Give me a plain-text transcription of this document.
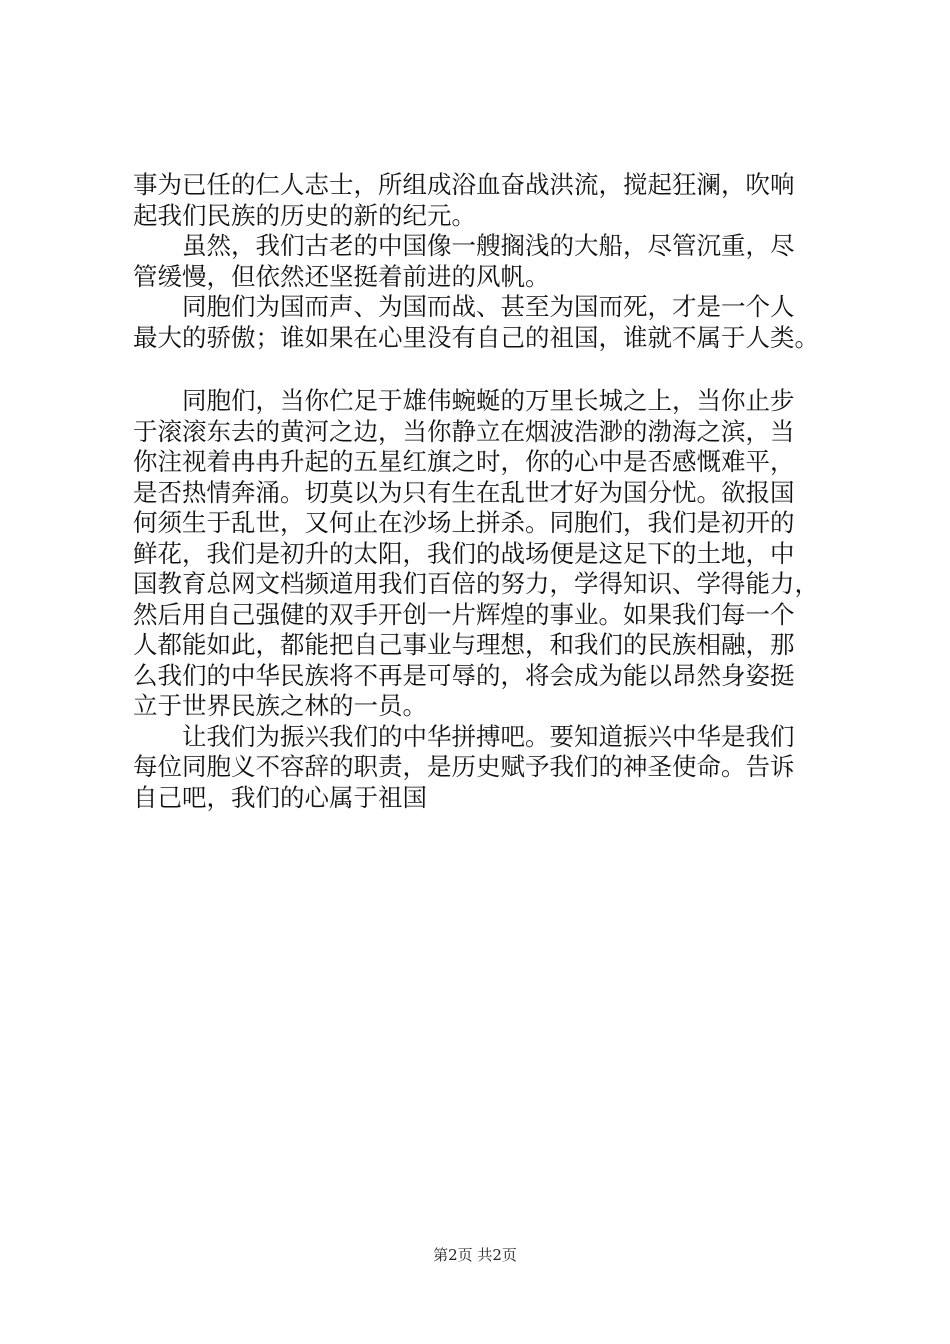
事为已任的仁人志士，所组成浴血奋战洪流，搅起狂澜，吹响
起我们民族的历史的新的纪元。
虽然，我们古老的中国像一艘搁浅的大船，尽管沉重，尽
管缓慢，但依然还坚挺着前进的风帆。
同胞们为国而声、为国而战、甚至为国而死，才是一个人
最大的骄傲；谁如果在心里没有自己的祖国，谁就不属于人类。
同胞们，当你伫足于雄伟蜿蜒的万里长城之上，当你止步
于滚滚东去的黄河之边，当你静立在烟波浩渺的渤海之滨，当
你注视着冉冉升起的五星红旗之时，你的心中是否感慨难平，
是否热情奔涌。切莫以为只有生在乱世才好为国分忧。欲报国
何须生于乱世，又何止在沙场上拼杀。同胞们，我们是初开的
鲜花，我们是初升的太阳，我们的战场便是这足下的土地，中
国教育总网文档频道用我们百倍的努力，学得知识、学得能力，
然后用自己强健的双手开创一片辉煌的事业。如果我们每一个
人都能如此，都能把自己事业与理想，和我们的民族相融，那
么我们的中华民族将不再是可辱的，将会成为能以昂然身姿挺
立于世界民族之林的一员。
让我们为振兴我们的中华拼搏吧。要知道振兴中华是我们
每位同胞义不容辞的职责，是历史赋予我们的神圣使命。告诉
自己吧，我们的心属于祖国
第2页 共2页
